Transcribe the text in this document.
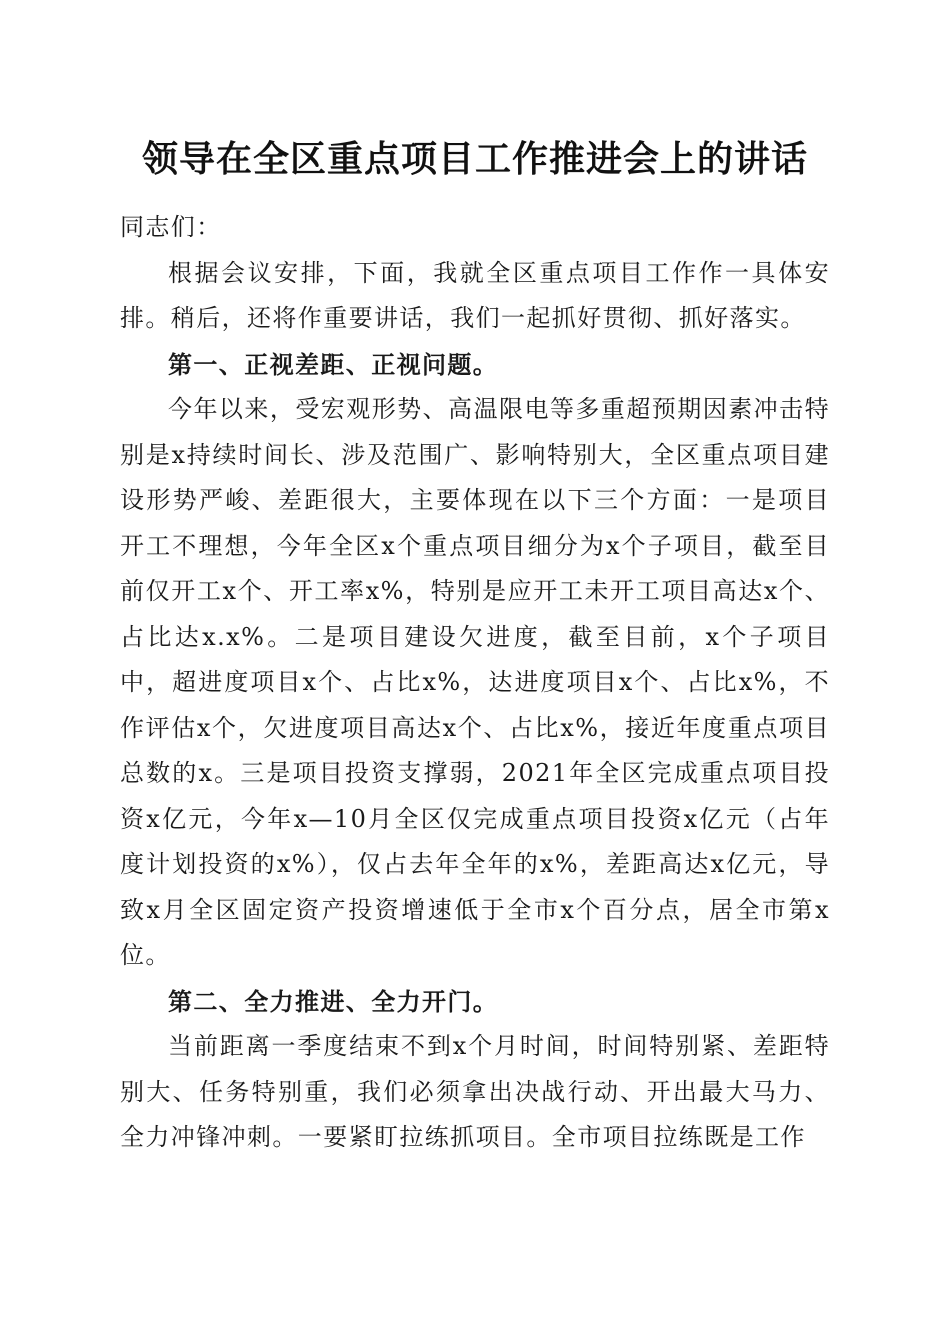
领导在全区重点项目工作推进会上的讲话

同志们：

根据会议安排，下面，我就全区重点项目工作作一具体安排。稍后，还将作重要讲话，我们一起抓好贯彻、抓好落实。

第一、正视差距、正视问题。

今年以来，受宏观形势、高温限电等多重超预期因素冲击特别是x持续时间长、涉及范围广、影响特别大，全区重点项目建设形势严峻、差距很大，主要体现在以下三个方面：一是项目开工不理想，今年全区x个重点项目细分为x个子项目，截至目前仅开工x个、开工率x%，特别是应开工未开工项目高达x个、占比达x.x%。二是项目建设欠进度，截至目前，x个子项目中，超进度项目x个、占比x%，达进度项目x个、占比x%，不作评估x个，欠进度项目高达x个、占比x%，接近年度重点项目总数的x。三是项目投资支撑弱，2021年全区完成重点项目投资x亿元，今年x—10月全区仅完成重点项目投资x亿元（占年度计划投资的x%），仅占去年全年的x%，差距高达x亿元，导致x月全区固定资产投资增速低于全市x个百分点，居全市第x位。

第二、全力推进、全力开门。

当前距离一季度结束不到x个月时间，时间特别紧、差距特别大、任务特别重，我们必须拿出决战行动、开出最大马力、全力冲锋冲刺。一要紧盯拉练抓项目。全市项目拉练既是工作
